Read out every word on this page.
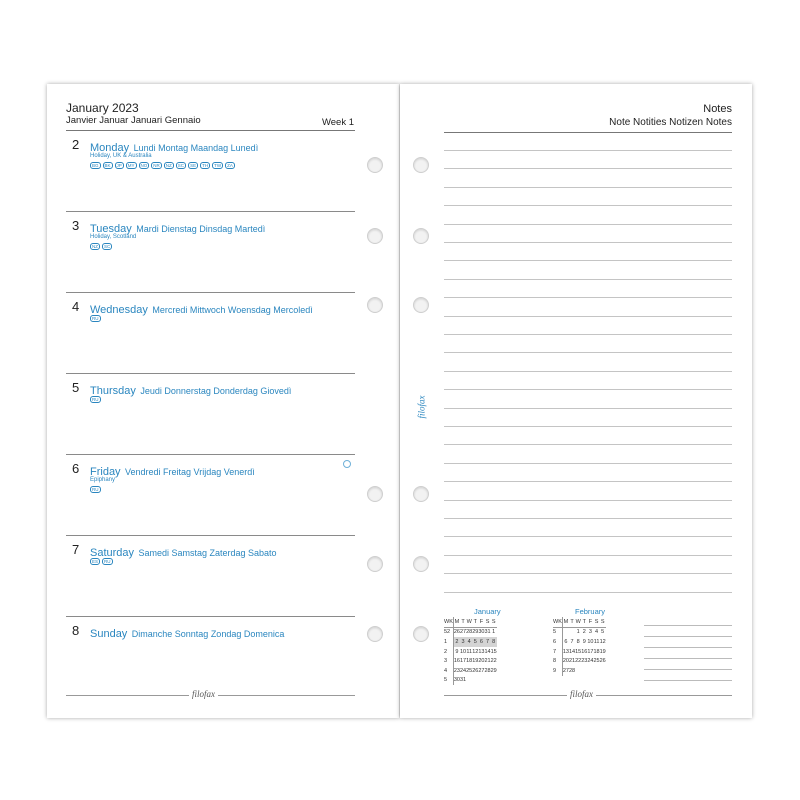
January 2023
Janvier Januar Januari Gennaio	Week 1
2 Monday Lundi Montag Maandag Lunedì
Holiday, UK & Australia
BG	BK	JP	MY	NO	NR	NZ	SC	SE	TH	TW	ZA
3 Tuesday Mardi Dienstag Dinsdag Martedì
Holiday, Scotland
NZ	SC
4 Wednesday Mercredi Mittwoch Woensdag Mercoledì
RU
5 Thursday Jeudi Donnerstag Donderdag Giovedì
RU
6 Friday Vendredi Freitag Vrijdag Venerdì
Epiphany
RU
7 Saturday Samedi Samstag Zaterdag Sabato
ES	RU
8 Sunday Dimanche Sonntag Zondag Domenica
filofax
Notes
Note Notities Notizen Notes
filofax
January
WK	M	T	W	T	F	S	S
52	26	27	28	29	30	31	1
1	2	3	4	5	6	7	8
2	9	10	11	12	13	14	15
3	16	17	18	19	20	21	22
4	23	24	25	26	27	28	29
5	30	31					
February
WK	M	T	W	T	F	S	S
5			1	2	3	4	5
6	6	7	8	9	10	11	12
7	13	14	15	16	17	18	19
8	20	21	22	23	24	25	26
9	27	28					
filofax
